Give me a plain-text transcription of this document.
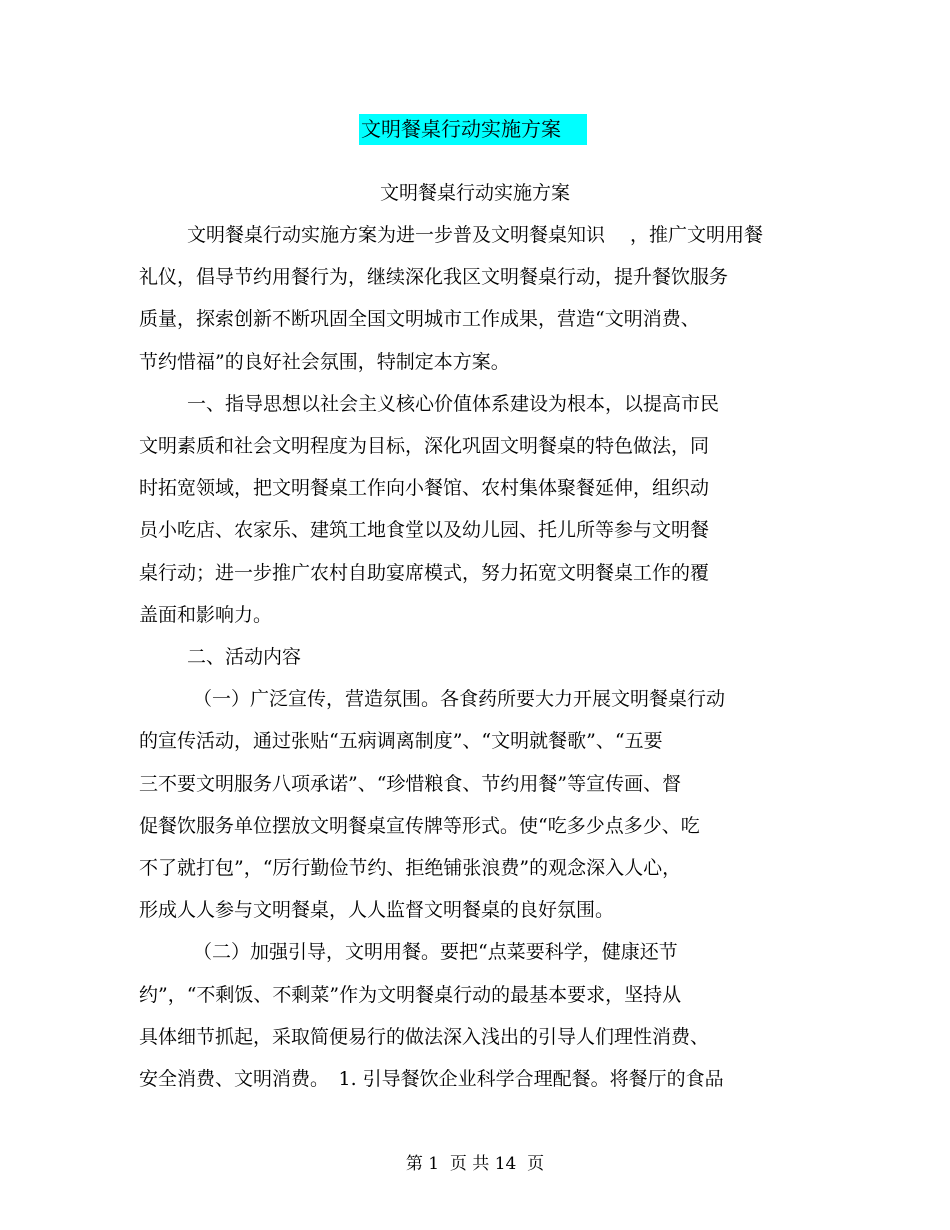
文明餐桌行动实施方案
文明餐桌行动实施方案
文明餐桌行动实施方案为进一步普及文明餐桌知识　 ，推广文明用餐
礼仪，倡导节约用餐行为，继续深化我区文明餐桌行动，提升餐饮服务
质量，探索创新不断巩固全国文明城市工作成果，营造“文明消费、
节约惜福”的良好社会氛围，特制定本方案。
一、指导思想以社会主义核心价值体系建设为根本，以提高市民
文明素质和社会文明程度为目标，深化巩固文明餐桌的特色做法，同
时拓宽领域，把文明餐桌工作向小餐馆、农村集体聚餐延伸，组织动
员小吃店、农家乐、建筑工地食堂以及幼儿园、托儿所等参与文明餐
桌行动；进一步推广农村自助宴席模式，努力拓宽文明餐桌工作的覆
盖面和影响力。
二、活动内容
（一）广泛宣传，营造氛围。各食药所要大力开展文明餐桌行动
的宣传活动，通过张贴“五病调离制度”、“文明就餐歌”、“五要
三不要文明服务八项承诺”、“珍惜粮食、节约用餐”等宣传画、督
促餐饮服务单位摆放文明餐桌宣传牌等形式。使“吃多少点多少、吃
不了就打包”，“厉行勤俭节约、拒绝铺张浪费”的观念深入人心，
形成人人参与文明餐桌，人人监督文明餐桌的良好氛围。
（二）加强引导，文明用餐。要把“点菜要科学，健康还节
约”，“不剩饭、不剩菜”作为文明餐桌行动的最基本要求，坚持从
具体细节抓起，采取简便易行的做法深入浅出的引导人们理性消费、
安全消费、文明消费。　1. 引导餐饮企业科学合理配餐。将餐厅的食品
第 1  页 共 14  页
